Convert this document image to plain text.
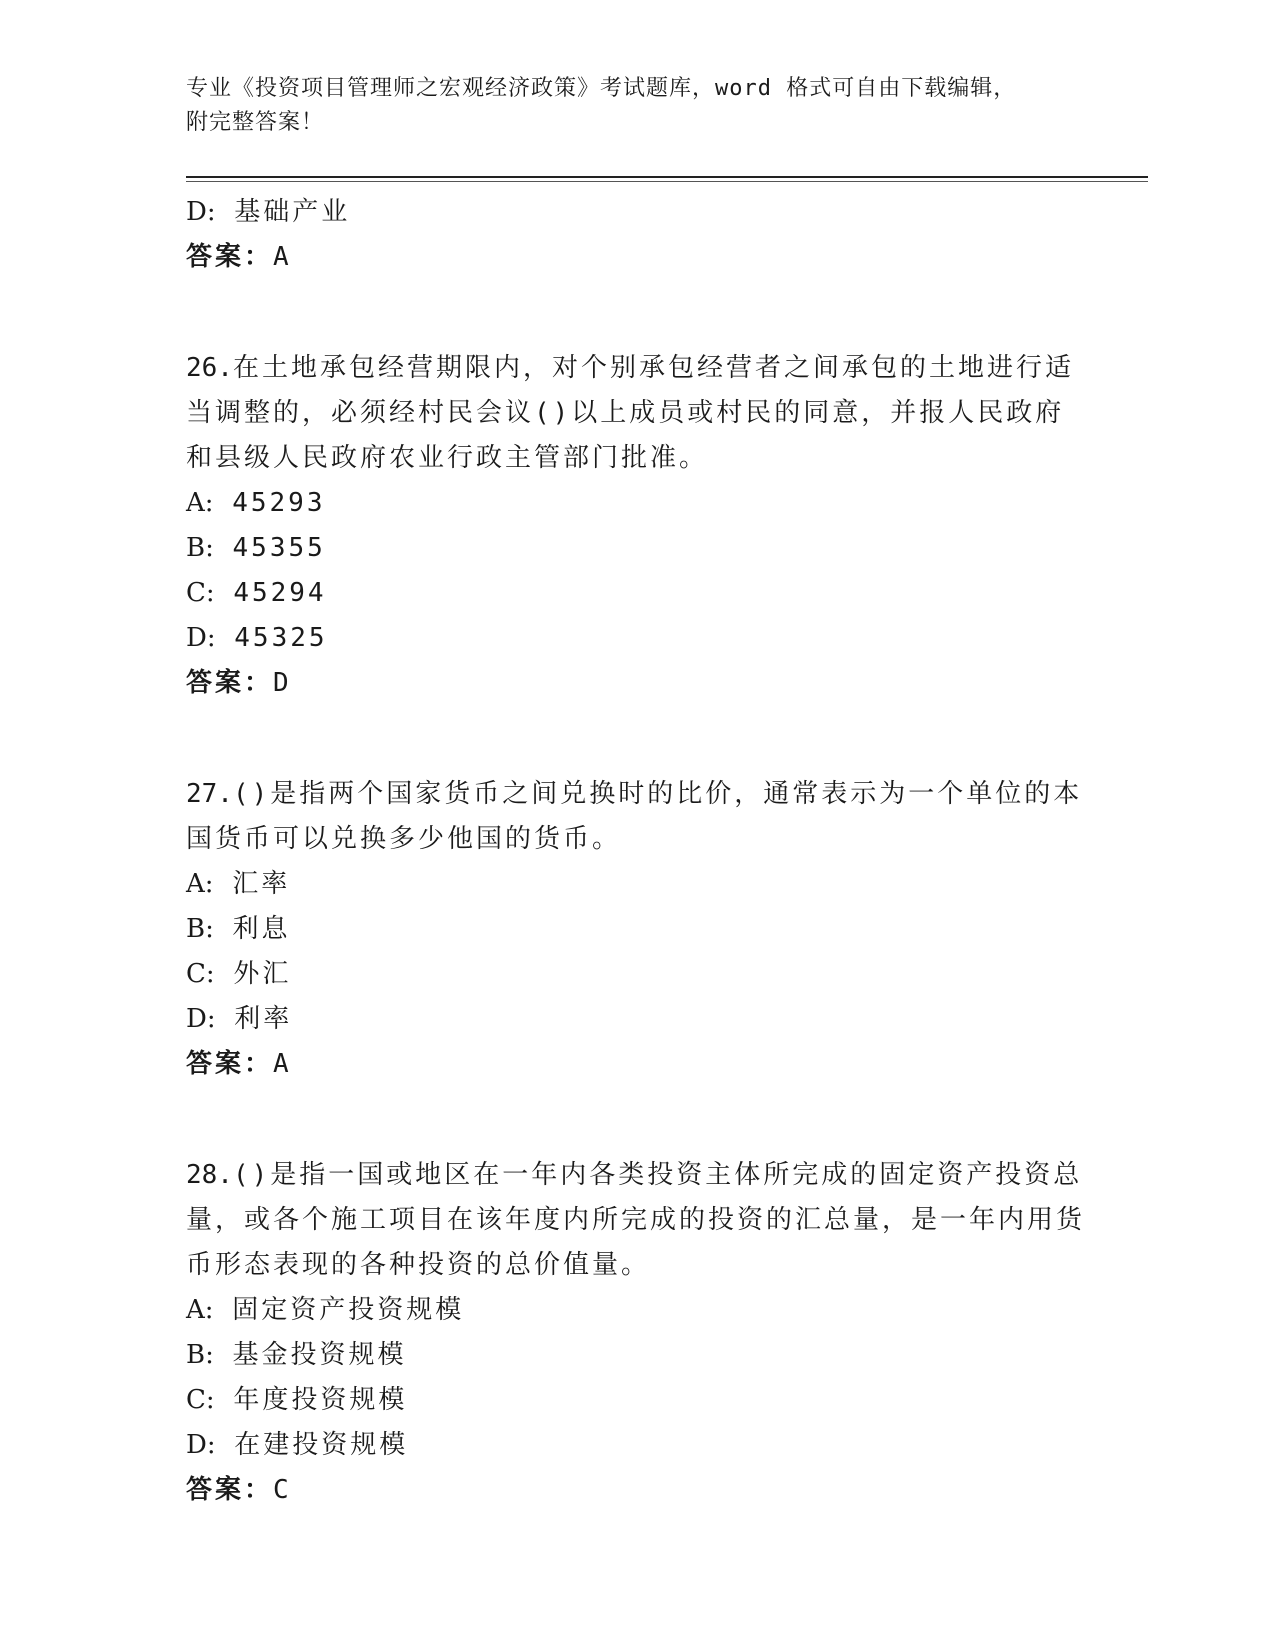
专业《投资项目管理师之宏观经济政策》考试题库，word 格式可自由下载编辑，
附完整答案！
D: 基础产业
答案：A
26.在土地承包经营期限内，对个别承包经营者之间承包的土地进行适当调整的，必须经村民会议()以上成员或村民的同意，并报人民政府和县级人民政府农业行政主管部门批准。
A: 45293
B: 45355
C: 45294
D: 45325
答案：D
27.()是指两个国家货币之间兑换时的比价，通常表示为一个单位的本国货币可以兑换多少他国的货币。
A: 汇率
B: 利息
C: 外汇
D: 利率
答案：A
28.()是指一国或地区在一年内各类投资主体所完成的固定资产投资总量，或各个施工项目在该年度内所完成的投资的汇总量，是一年内用货币形态表现的各种投资的总价值量。
A: 固定资产投资规模
B: 基金投资规模
C: 年度投资规模
D: 在建投资规模
答案：C
